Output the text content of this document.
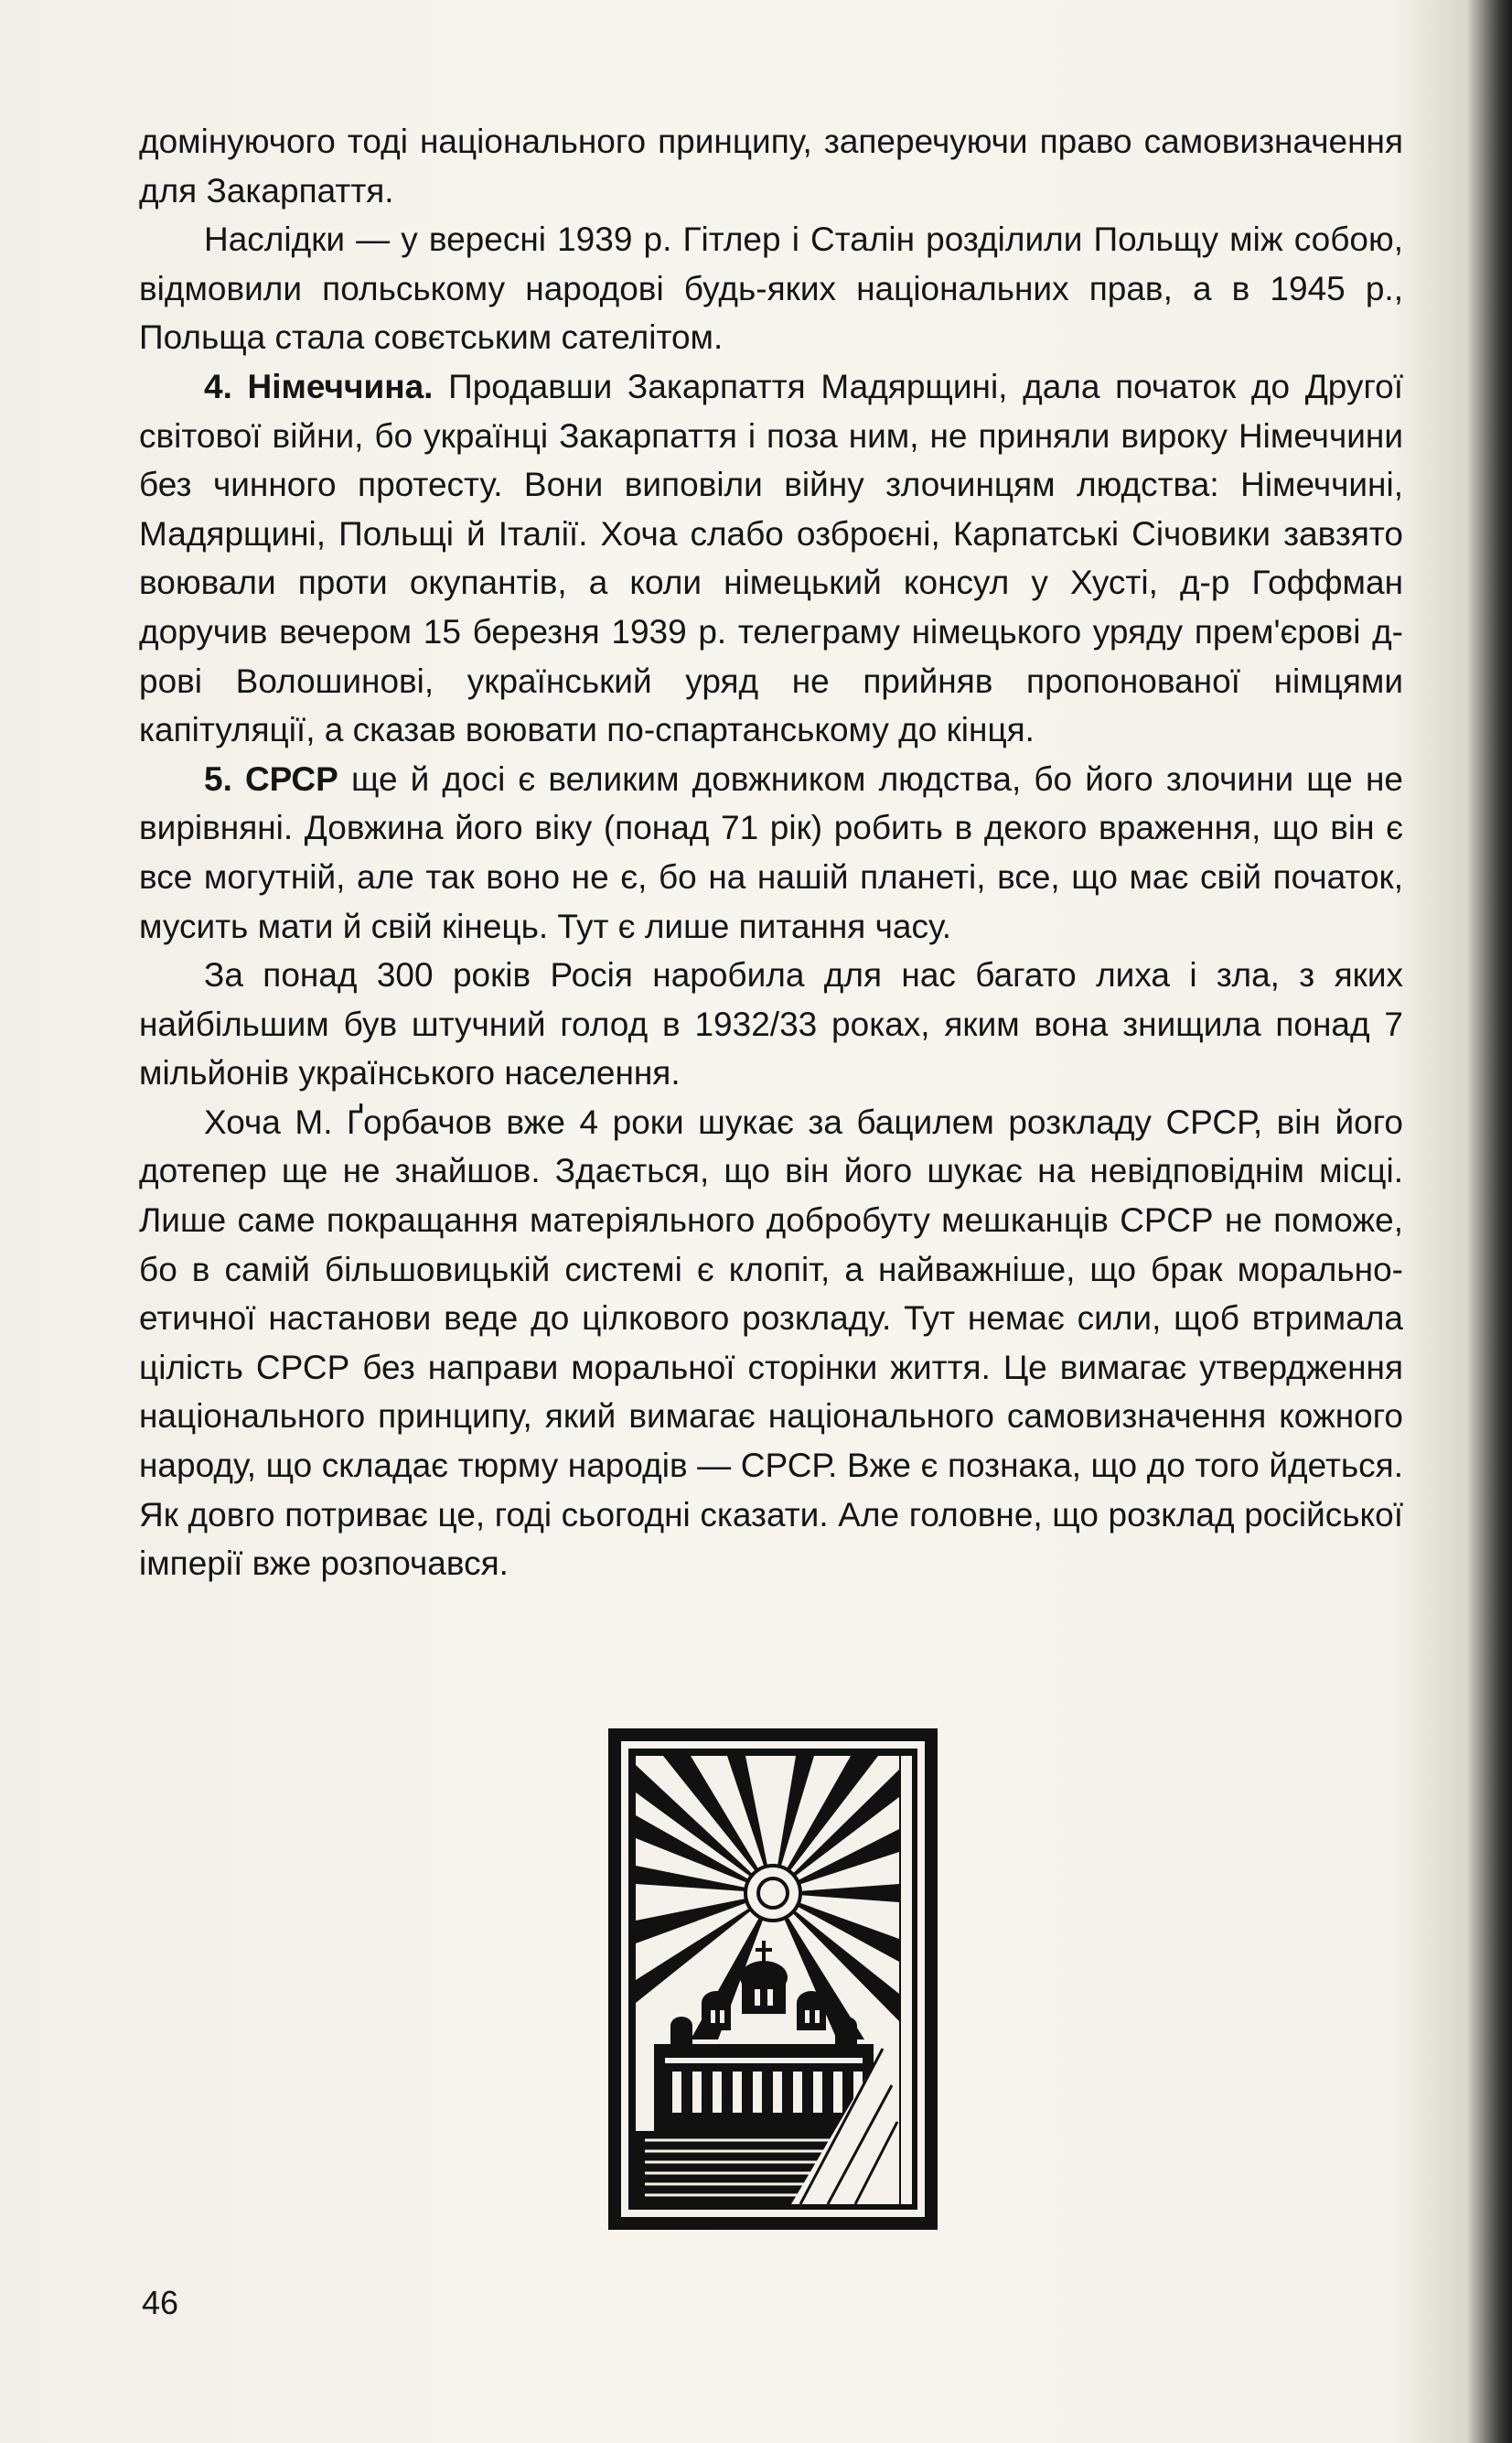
домінуючого тоді національного принципу, заперечуючи право самовизначення для Закарпаття.

Наслідки — у вересні 1939 р. Гітлер і Сталін розділили Польщу між собою, відмовили польському народові будь-яких національних прав, а в 1945 р., Польща стала совєтським сателітом.

4. Німеччина. Продавши Закарпаття Мадярщині, дала початок до Другої світової війни, бо українці Закарпаття і поза ним, не приняли вироку Німеччини без чинного протесту. Вони виповіли війну злочинцям людства: Німеччині, Мадярщині, Польщі й Італії. Хоча слабо озброєні, Карпатські Січовики завзято воювали проти окупантів, а коли німецький консул у Хусті, д-р Гоффман доручив вечером 15 березня 1939 р. телеграму німецького уряду прем'єрові д-рові Волошинові, український уряд не прийняв пропонованої німцями капітуляції, а сказав воювати по-спартанському до кінця.

5. СРСР ще й досі є великим довжником людства, бо його злочини ще не вирівняні. Довжина його віку (понад 71 рік) робить в декого враження, що він є все могутній, але так воно не є, бо на нашій планеті, все, що має свій початок, мусить мати й свій кінець. Тут є лише питання часу.

За понад 300 років Росія наробила для нас багато лиха і зла, з яких найбільшим був штучний голод в 1932/33 роках, яким вона знищила понад 7 мільйонів українського населення.

Хоча М. Ґорбачов вже 4 роки шукає за бацилем розкладу СРСР, він його дотепер ще не знайшов. Здається, що він його шукає на невідповіднім місці. Лише саме покращання матеріяльного добробуту мешканців СРСР не поможе, бо в самій більшовицькій системі є клопіт, а найважніше, що брак морально-етичної настанови веде до цілкового розкладу. Тут немає сили, щоб втримала цілість СРСР без направи моральної сторінки життя. Це вимагає утвердження національного принципу, який вимагає національного самовизначення кожного народу, що складає тюрму народів — СРСР. Вже є познака, що до того йдеться. Як довго потриває це, годі сьогодні сказати. Але головне, що розклад російської імперії вже розпочався.

46
